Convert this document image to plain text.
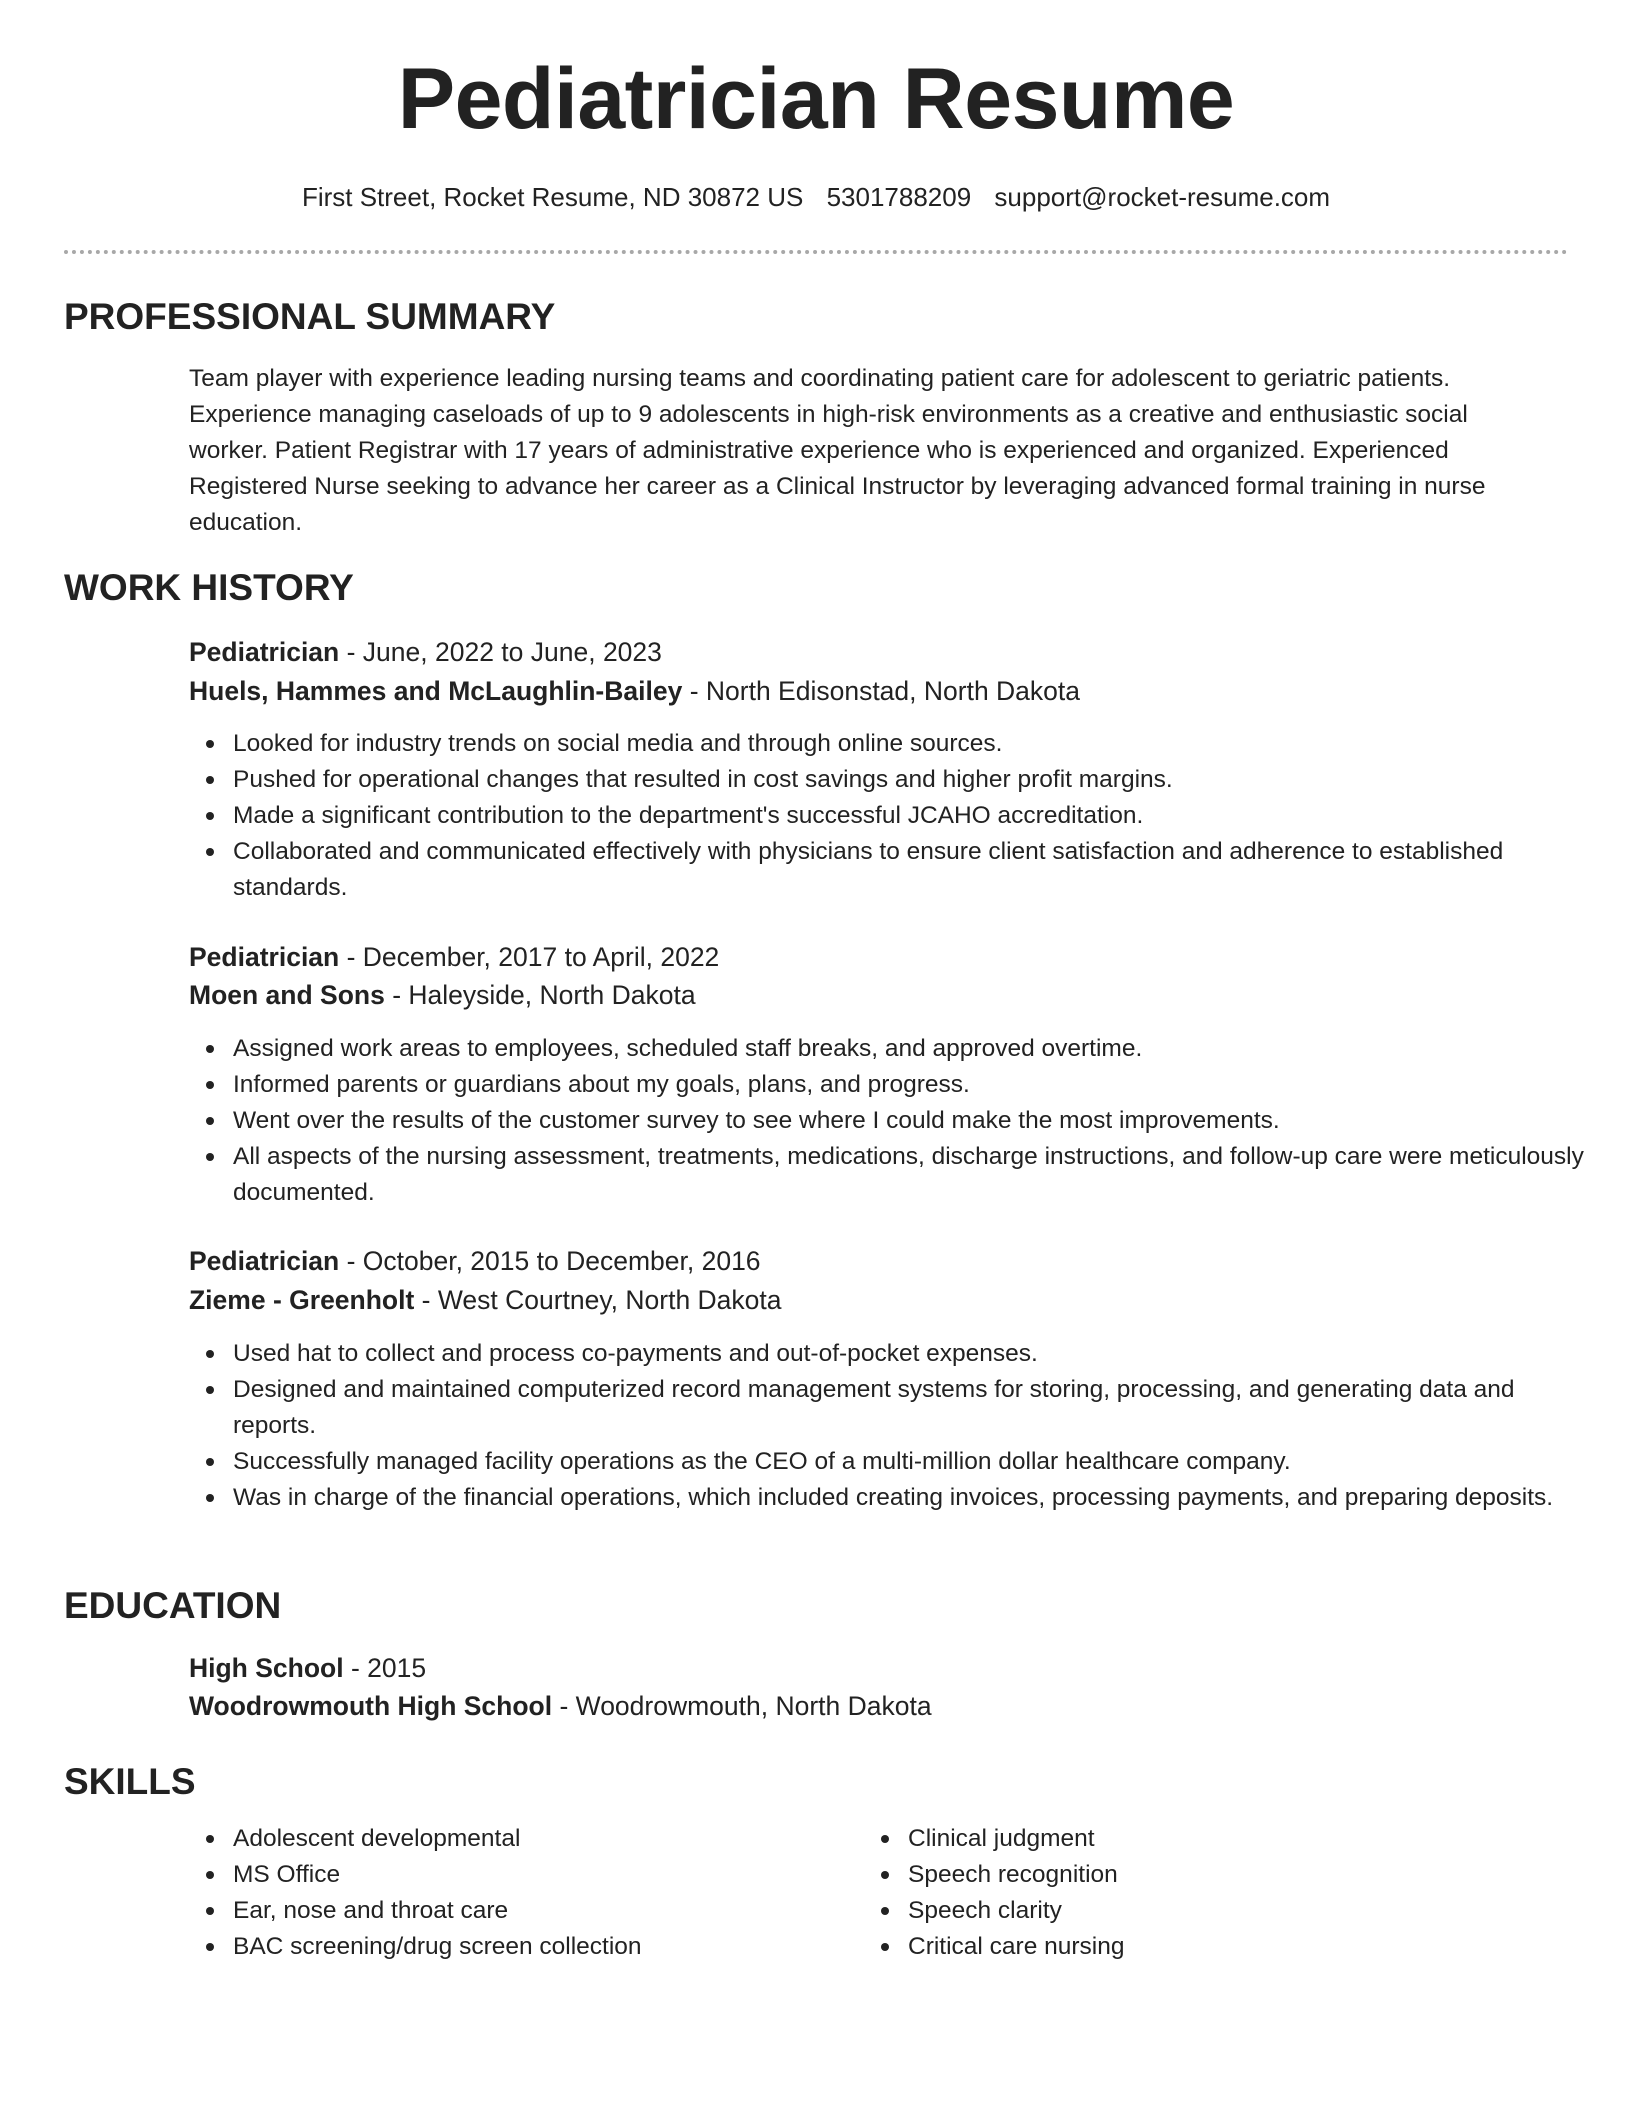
Pediatrician Resume
First Street, Rocket Resume, ND 30872 US 5301788209 support@rocket-resume.com
PROFESSIONAL SUMMARY

Team player with experience leading nursing teams and coordinating patient care for adolescent to geriatric patients. Experience managing caseloads of up to 9 adolescents in high-risk environments as a creative and enthusiastic social worker. Patient Registrar with 17 years of administrative experience who is experienced and organized. Experienced Registered Nurse seeking to advance her career as a Clinical Instructor by leveraging advanced formal training in nurse education.

WORK HISTORY
Pediatrician - June, 2022 to June, 2023
Huels, Hammes and McLaughlin-Bailey - North Edisonstad, North Dakota
Looked for industry trends on social media and through online sources.
Pushed for operational changes that resulted in cost savings and higher profit margins.
Made a significant contribution to the department's successful JCAHO accreditation.
Collaborated and communicated effectively with physicians to ensure client satisfaction and adherence to established standards.
Pediatrician - December, 2017 to April, 2022
Moen and Sons - Haleyside, North Dakota
Assigned work areas to employees, scheduled staff breaks, and approved overtime.
Informed parents or guardians about my goals, plans, and progress.
Went over the results of the customer survey to see where I could make the most improvements.
All aspects of the nursing assessment, treatments, medications, discharge instructions, and follow-up care were meticulously documented.
Pediatrician - October, 2015 to December, 2016
Zieme - Greenholt - West Courtney, North Dakota
Used hat to collect and process co-payments and out-of-pocket expenses.
Designed and maintained computerized record management systems for storing, processing, and generating data and reports.
Successfully managed facility operations as the CEO of a multi-million dollar healthcare company.
Was in charge of the financial operations, which included creating invoices, processing payments, and preparing deposits.
EDUCATION
High School - 2015
Woodrowmouth High School - Woodrowmouth, North Dakota
SKILLS
Adolescent developmental
MS Office
Ear, nose and throat care
BAC screening/drug screen collection
Clinical judgment
Speech recognition
Speech clarity
Critical care nursing
